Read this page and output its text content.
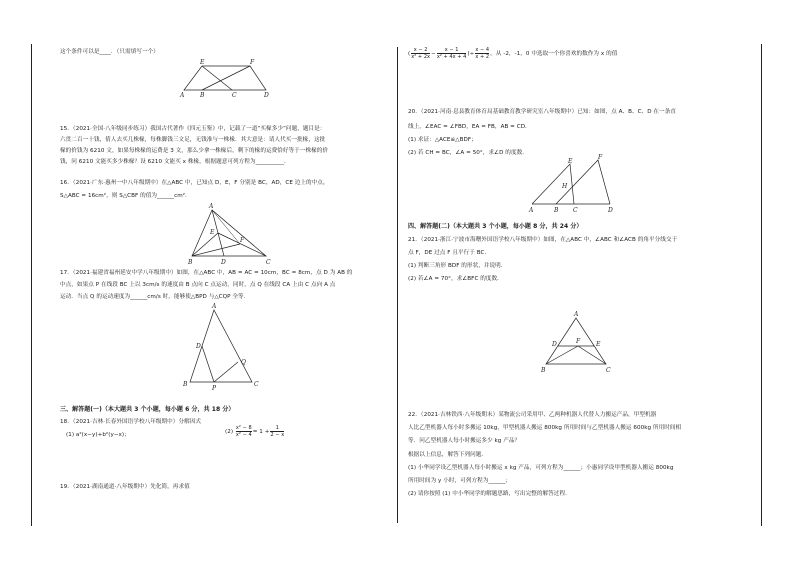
这个条件可以是____．（只需填写一个）
E	F
A	B	C	D
15．（2021·全国·八年级同步练习）我国古代著作《四元玉鉴》中，记载了一道“买椽多少”问题，题目是：
六贯二百一十钱，倩人去买几株椽，每株脚钱三文足，无钱准与一株椽．其大意是：请人代买一批椽，这批
椽的价钱为 6210 文，如果每株椽的运费是 3 文，那么少拿一株椽后，剩下的椽的运费恰好等于一株椽的价
钱，问 6210 文能买多少株椽？设 6210 文能买 x 株椽，根据题意可列方程为__________．
16．（2021·广东·惠州一中八年级期中）在△ABC 中，已知点 D，E，F 分别是 BC，AD，CE 边上的中点，
S△ABC = 16cm²，则 S△CBF 的值为______cm²．
A
E
F
B	D	C
17．（2021·福建省福州延安中学八年级期中）如图，在△ABC 中，AB = AC = 10cm，BC = 8cm，点 D 为 AB 的
中点，如果点 P 在线段 BC 上以 3cm/s 的速度由 B 点向 C 点运动，同时，点 Q 在线段 CA 上由 C 点向 A 点
运动．当点 Q 的运动速度为______cm/s 时，能够使△BPD 与△CQP 全等．
A
D
Q
B
P
C
三、解答题(一)（本大题共 3 个小题，每小题 6 分，共 18 分）
18．（2021·吉林·长春外国语学校八年级期中）分解因式
(1) a²(x−y)+b²(y−x)；	$(2) \frac{\text{x² − 8}}{\text{x² − 4}} = 1 + \frac{1}{2 - x}$
19．（2021·湖南通道·八年级期中）先化简，再求值
( $\frac{x - 2}{\text{x² + 2x}} - \frac{x - 1}{\text{x² + 4x + 4}}$ )÷ $\frac{x - 4}{x + 2}$ ，从 -2，-1，0 中选取一个你喜欢的数作为 x 的值
20．（2021·河南·息县教育体育局基础教育教学研究室八年级期中）已知：如图，点 A、B、C、D 在一条直
线上，∠EAC = ∠FBD，EA = FB，AB = CD．
(1) 求证：△ACE≌△BDF；
(2) 若 CH = BC，∠A = 50°，求∠D 的度数．
E
F
H
A	B C	D
四、解答题(二)（本大题共 3 个小题，每小题 8 分，共 24 分）
21．（2021·浙江·宁波市海曙外国语学校八年级期中）如图，在△ABC 中，∠ABC 和∠ACB 的角平分线交于
点 F，DE 过点 F 且平行于 BC．
(1) 判断三角形 BDF 的形状，并说明．
(2) 若∠A = 70°，求∠BFC 的度数．
A
D	F	E
B	C
22．（2021·吉林铁西·八年级期末）某物流公司采用甲、乙两种机器人代替人力搬运产品，甲型机器
人比乙型机器人每小时多搬运 10kg，甲型机器人搬运 800kg 所用时间与乙型机器人搬运 600kg 所用时间相
等．问乙型机器人每小时搬运多少 kg 产品？
根据以上信息，解答下列问题．
(1) 小华同学设乙型机器人每小时搬运 x kg 产品，可列方程为______；小惠同学设甲型机器人搬运 800kg
所用时间为 y 小时，可列方程为______；
(2) 请你按照 (1) 中小华同学的解题思路，写出完整的解答过程．
